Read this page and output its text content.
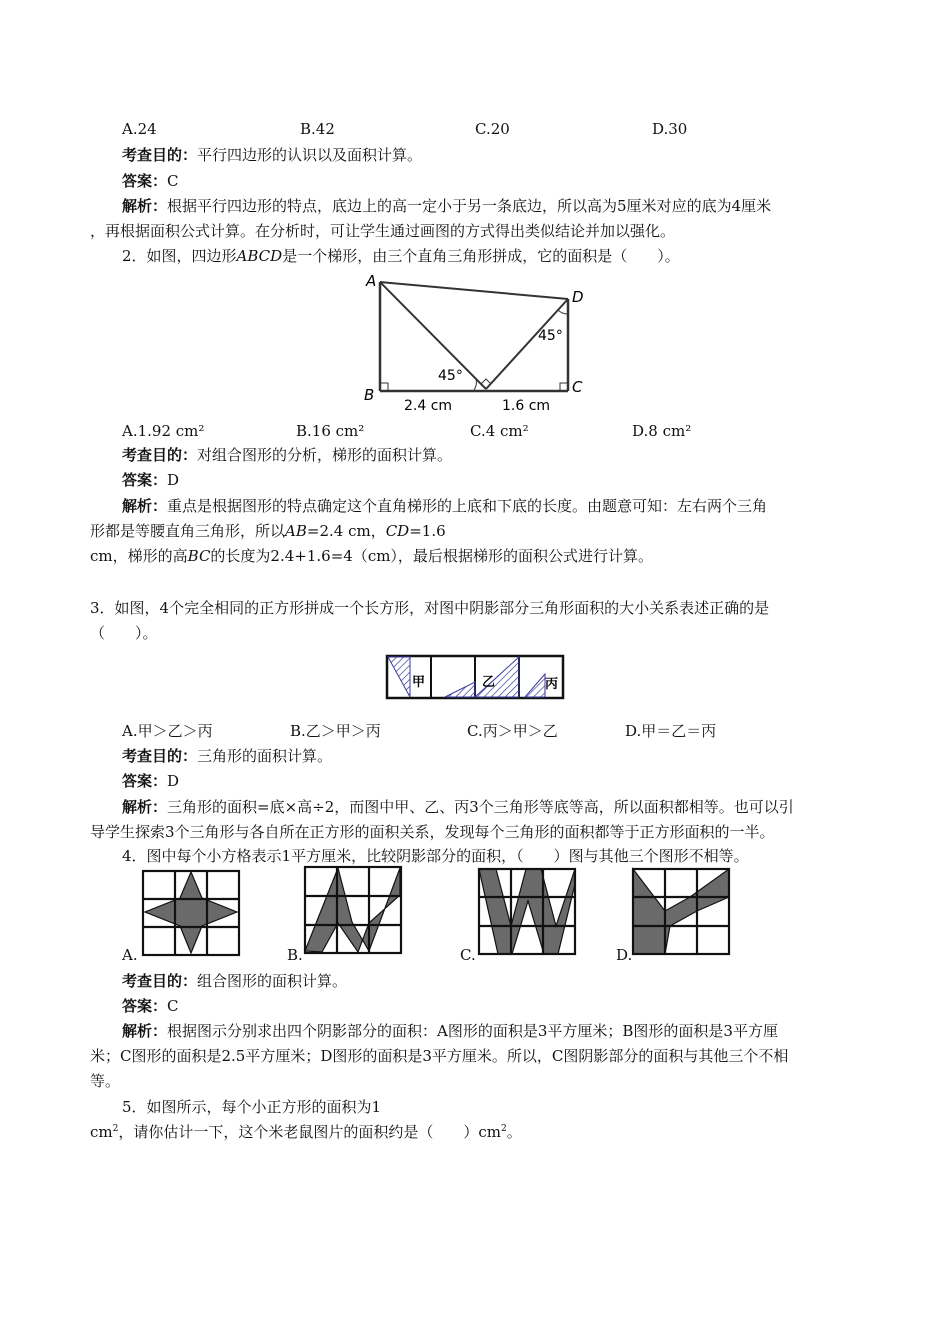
A.24	B.42	C.20	D.30
考查目的：平行四边形的认识以及面积计算。
答案：C
解析：根据平行四边形的特点，底边上的高一定小于另一条底边，所以高为5厘米对应的底为4厘米
，再根据面积公式计算。在分析时，可让学生通过画图的方式得出类似结论并加以强化。
2．如图，四边形ABCD是一个梯形，由三个直角三角形拼成，它的面积是（　　）。
A
B	C
D
45°
45°
2.4 cm	1.6 cm
A.1.92 cm²	B.16 cm²	C.4 cm²	D.8 cm²
考查目的：对组合图形的分析，梯形的面积计算。
答案：D
解析：重点是根据图形的特点确定这个直角梯形的上底和下底的长度。由题意可知：左右两个三角
形都是等腰直角三角形，所以AB=2.4 cm，CD=1.6
cm，梯形的高BC的长度为2.4+1.6=4（cm），最后根据梯形的面积公式进行计算。
3．如图，4个完全相同的正方形拼成一个长方形，对图中阴影部分三角形面积的大小关系表述正确的是
（　　）。
甲	乙	丙
A.甲＞乙＞丙	B.乙＞甲＞丙	C.丙＞甲＞乙	D.甲＝乙＝丙
考查目的：三角形的面积计算。
答案：D
解析：三角形的面积=底×高÷2，而图中甲、乙、丙3个三角形等底等高，所以面积都相等。也可以引
导学生探索3个三角形与各自所在正方形的面积关系，发现每个三角形的面积都等于正方形面积的一半。
4．图中每个小方格表示1平方厘米，比较阴影部分的面积，（　　）图与其他三个图形不相等。
A.	B.	C.	D.
考查目的：组合图形的面积计算。
答案：C
解析：根据图示分别求出四个阴影部分的面积：A图形的面积是3平方厘米；B图形的面积是3平方厘
米；C图形的面积是2.5平方厘米；D图形的面积是3平方厘米。所以，C图阴影部分的面积与其他三个不相
等。
5．如图所示，每个小正方形的面积为1
$cm^2$，请你估计一下，这个米老鼠图片的面积约是（　　）$cm^2$。
